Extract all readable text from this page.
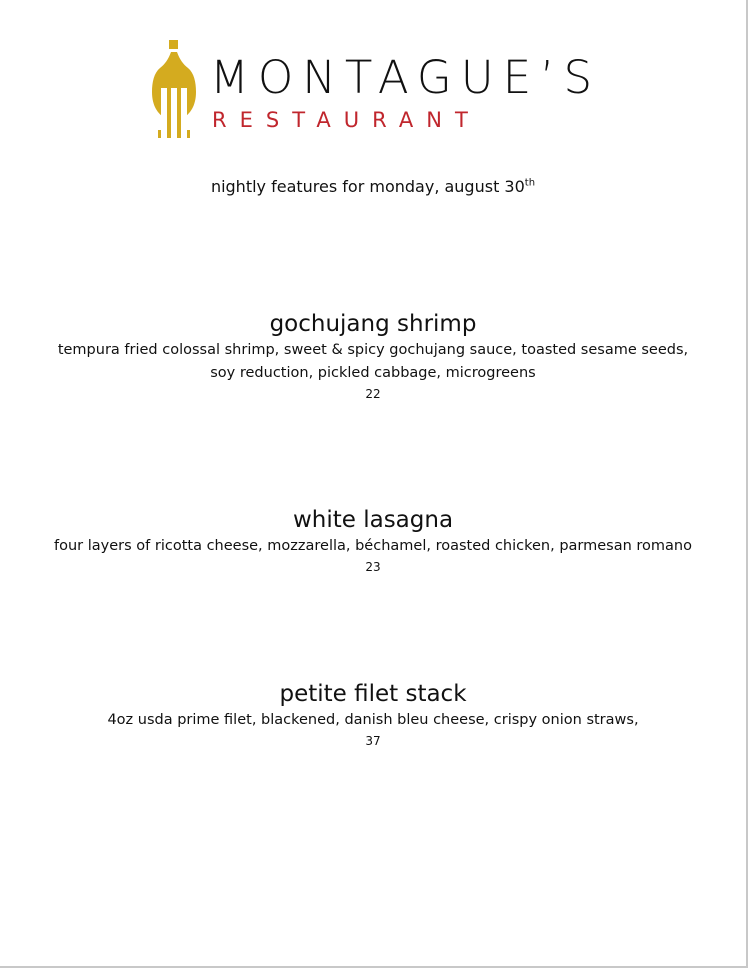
MONTAGUE’S
RESTAURANT
nightly features for monday, august 30th
gochujang shrimp
tempura fried colossal shrimp, sweet & spicy gochujang sauce, toasted sesame seeds,
soy reduction, pickled cabbage, microgreens
22
white lasagna
four layers of ricotta cheese, mozzarella, béchamel, roasted chicken, parmesan romano
23
petite filet stack
4oz usda prime filet, blackened, danish bleu cheese, crispy onion straws,
37
